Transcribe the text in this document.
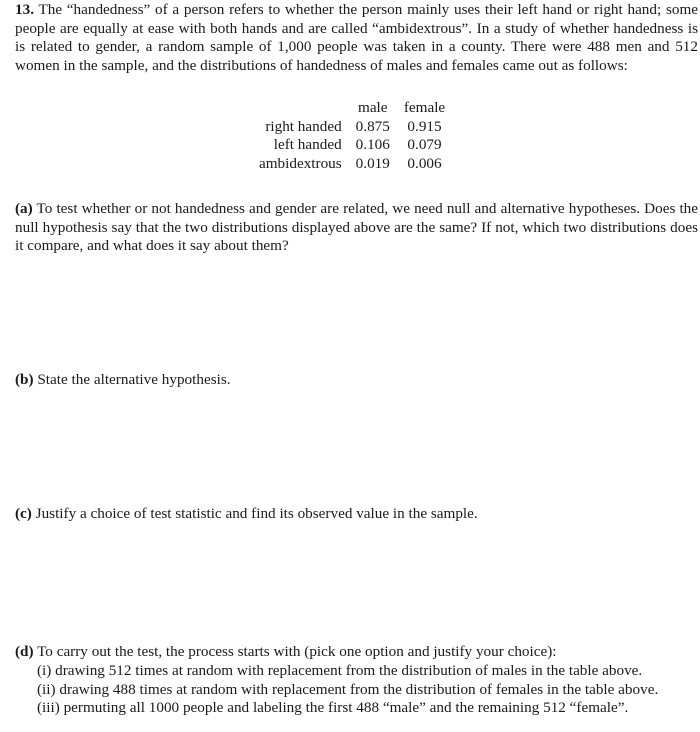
13. The “handedness” of a person refers to whether the person mainly uses their left hand or right hand; some people are equally at ease with both hands and are called “ambidextrous”. In a study of whether handedness is is related to gender, a random sample of 1,000 people was taken in a county. There were 488 men and 512 women in the sample, and the distributions of handedness of males and females came out as follows:

	male	female
right handed	0.875	0.915
left handed	0.106	0.079
ambidextrous	0.019	0.006

(a) To test whether or not handedness and gender are related, we need null and alternative hypotheses. Does the null hypothesis say that the two distributions displayed above are the same? If not, which two distributions does it compare, and what does it say about them?

(b) State the alternative hypothesis.

(c) Justify a choice of test statistic and find its observed value in the sample.

(d) To carry out the test, the process starts with (pick one option and justify your choice):

(i) drawing 512 times at random with replacement from the distribution of males in the table above.
(ii) drawing 488 times at random with replacement from the distribution of females in the table above.
(iii) permuting all 1000 people and labeling the first 488 “male” and the remaining 512 “female”.
